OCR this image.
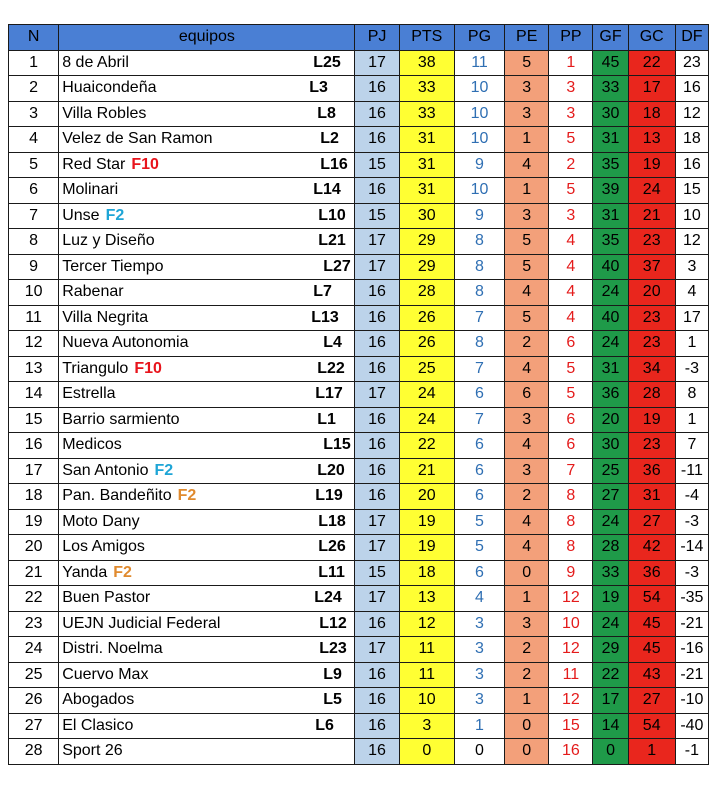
N	equipos	PJ	PTS	PG	PE	PP	GF	GC	DF
1	8 de Abril L25	17	38	11	5	1	45	22	23
2	Huaicondeña L3	16	33	10	3	3	33	17	16
3	Villa Robles L8	16	33	10	3	3	30	18	12
4	Velez de San Ramon L2	16	31	10	1	5	31	13	18
5	Red Star F10 L16	15	31	9	4	2	35	19	16
6	Molinari L14	16	31	10	1	5	39	24	15
7	Unse F2 L10	15	30	9	3	3	31	21	10
8	Luz y Diseño L21	17	29	8	5	4	35	23	12
9	Tercer Tiempo L27	17	29	8	5	4	40	37	3
10	Rabenar L7	16	28	8	4	4	24	20	4
11	Villa Negrita L13	16	26	7	5	4	40	23	17
12	Nueva Autonomia L4	16	26	8	2	6	24	23	1
13	Triangulo F10 L22	16	25	7	4	5	31	34	-3
14	Estrella L17	17	24	6	6	5	36	28	8
15	Barrio sarmiento L1	16	24	7	3	6	20	19	1
16	Medicos L15	16	22	6	4	6	30	23	7
17	San Antonio F2 L20	16	21	6	3	7	25	36	-11
18	Pan. Bandeñito F2 L19	16	20	6	2	8	27	31	-4
19	Moto Dany L18	17	19	5	4	8	24	27	-3
20	Los Amigos L26	17	19	5	4	8	28	42	-14
21	Yanda F2 L11	15	18	6	0	9	33	36	-3
22	Buen Pastor L24	17	13	4	1	12	19	54	-35
23	UEJN Judicial Federal L12	16	12	3	3	10	24	45	-21
24	Distri. Noelma L23	17	11	3	2	12	29	45	-16
25	Cuervo Max L9	16	11	3	2	11	22	43	-21
26	Abogados L5	16	10	3	1	12	17	27	-10
27	El Clasico L6	16	3	1	0	15	14	54	-40
28	Sport 26	16	0	0	0	16	0	1	-1
